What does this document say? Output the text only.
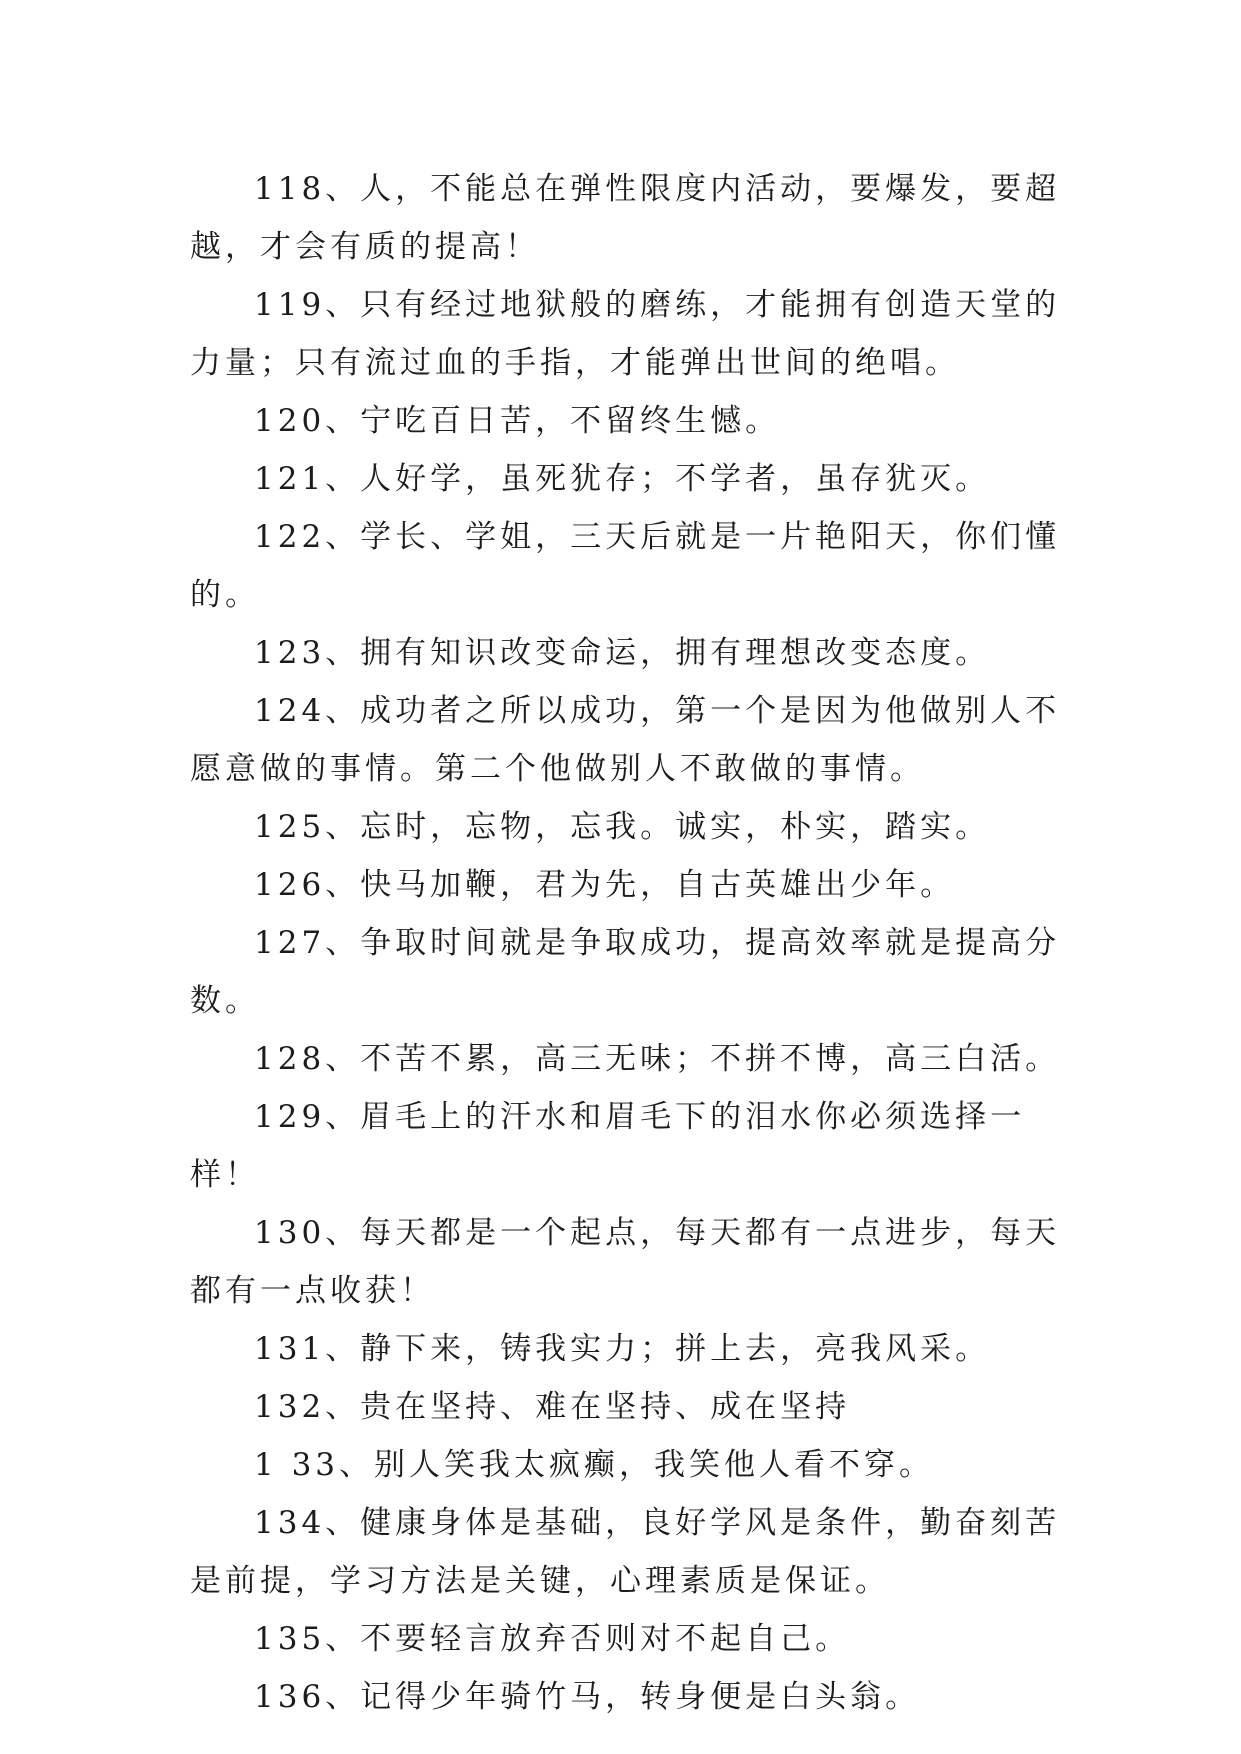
118、人，不能总在弹性限度内活动，要爆发，要超越，才会有质的提高！

119、只有经过地狱般的磨练，才能拥有创造天堂的力量；只有流过血的手指，才能弹出世间的绝唱。

120、宁吃百日苦，不留终生憾。

121、人好学，虽死犹存；不学者，虽存犹灭。

122、学长、学姐，三天后就是一片艳阳天，你们懂的。

123、拥有知识改变命运，拥有理想改变态度。

124、成功者之所以成功，第一个是因为他做别人不愿意做的事情。第二个他做别人不敢做的事情。

125、忘时，忘物，忘我。诚实，朴实，踏实。

126、快马加鞭，君为先，自古英雄出少年。

127、争取时间就是争取成功，提高效率就是提高分数。

128、不苦不累，高三无味；不拼不博，高三白活。

129、眉毛上的汗水和眉毛下的泪水你必须选择一样！

130、每天都是一个起点，每天都有一点进步，每天都有一点收获！

131、静下来，铸我实力；拼上去，亮我风采。

132、贵在坚持、难在坚持、成在坚持

1 33、别人笑我太疯癫，我笑他人看不穿。

134、健康身体是基础，良好学风是条件，勤奋刻苦是前提，学习方法是关键，心理素质是保证。

135、不要轻言放弃否则对不起自己。

136、记得少年骑竹马，转身便是白头翁。
